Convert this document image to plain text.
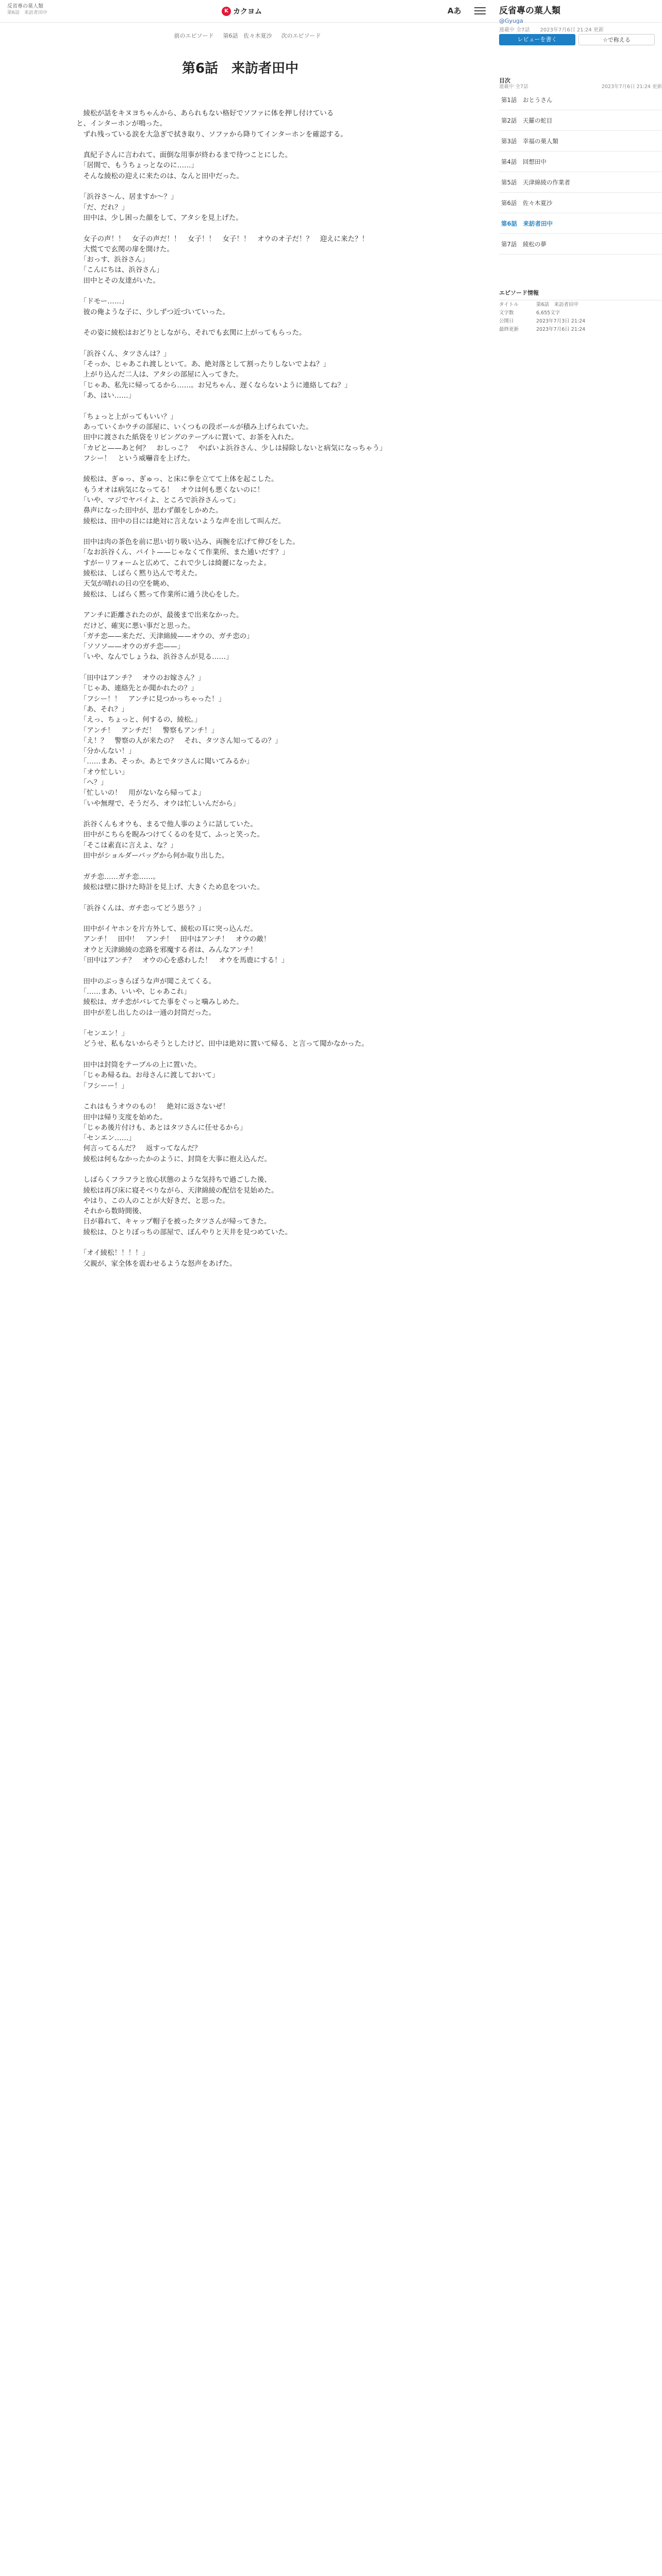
反省專の菓人類
第6話　来訪者田中	K カクヨム	Aあ
前のエピソード 第6話　佐々木夏沙 次のエピソード
第6話　来訪者田中

　綾松が話をキヌヨちゃんから、あられもない格好でソファに体を押し付けている

と、インターホンが鳴った。

　ずれ残っている涙を大急ぎで拭き取り、ソファから降りてインターホンを確認する。

　真紀子さんに言われて、面倒な用事が終わるまで待つことにした。

　「居間で、もうちょっとなのに……」

　そんな綾松の迎えに来たのは、なんと田中だった。

　「浜谷さ〜ん、居ますか〜？」

　「だ、だれ？」

　田中は、少し困った顔をして、アタシを見上げた。

　女子の声！！　女子の声だ！！　女子！！　女子！！　オウのオ子だ！？　迎えに来た？！

　大慌てで玄関の扉を開けた。

　「おっす、浜谷さん」

　「こんにちは、浜谷さん」

　田中とその友達がいた。

　「ドモー……」

　彼の俺ような子に、少しずつ近づいていった。

　その姿に綾松はおどりとしながら、それでも玄関に上がってもらった。

　「浜谷くん、タツさんは？」

　「そっか、じゃあこれ渡しといて。あ、絶対落として割ったりしないでよね？」

　上がり込んだ二人は、アタシの部屋に入ってきた。

　「じゃあ、私先に帰ってるから……。お兄ちゃん、遅くならないように連絡してね？」

　「あ、はい……」

　「ちょっと上がってもいい？」

　あっていくかウチの部屋に、いくつもの段ボールが積み上げられていた。

　田中に渡された紙袋をリビングのテーブルに置いて、お茶を入れた。

　「カビと——あと何？　おしっこ？　やばいよ浜谷さん、少しは掃除しないと病気になっちゃう」

　フシー！　という威嚇音を上げた。

　綾松は、ぎゅっ、ぎゅっ、と床に拳を立てて上体を起こした。

　もうオオは病気になってる！　オウは何も悪くないのに！

　「いや、マジでヤバイよ、ところで浜谷さんって」

　鼻声になった田中が、思わず顔をしかめた。

　綾松は、田中の目には絶対に言えないような声を出して叫んだ。

　田中は肉の茶色を前に思い切り吸い込み、両腕を広げて伸びをした。

　「なお浜谷くん、バイト——じゃなくて作業所、また通いだす？」

　すがーリフォームと広めて、これで少しは綺麗になったよ。

　綾松は、しばらく黙り込んで考えた。

　天気が晴れの日の空を眺め、

　綾松は、しばらく黙って作業所に通う決心をした。

　アンチに距離されたのが、最後まで出来なかった。

　だけど、確実に悪い事だと思った。

　「ガチ恋——来ただ、天津綿綾——オウの、ガチ恋の」

　「ソソソ——オウのガチ恋——」

　「いや、なんでしょうね、浜谷さんが見る……」

　「田中はアンチ？　オウのお嫁さん？」

　「じゃあ、連絡先とか聞かれたの？」

　「フシー！！　アンチに見つかっちゃった！」

　「あ、それ？」

　「えっ、ちょっと、何するの、綾松。」

　「アンチ！　アンチだ！　警察もアンチ！」

　「え！？　警察の人が来たの？　それ、タツさん知ってるの？」

　「分かんない！」

　「……まあ、そっか。あとでタツさんに聞いてみるか」

　「オウ忙しい」

　「へ？」

　「忙しいの！　用がないなら帰ってよ」

　「いや無理で、そうだろ、オウは忙しいんだから」

　浜谷くんもオウも、まるで他人事のように話していた。

　田中がこちらを睨みつけてくるのを見て、ふっと笑った。

　「そこは素直に言えよ、な？」

　田中がショルダーバッグから何か取り出した。

　ガチ恋……ガチ恋……。

　綾松は壁に掛けた時計を見上げ、大きくため息をついた。

　「浜谷くんは、ガチ恋ってどう思う？」

　田中がイヤホンを片方外して、綾松の耳に突っ込んだ。

　アンチ！　田中！　アンチ！　田中はアンチ！　オウの敵！

　オウと天津綿綾の恋路を邪魔する者は、みんなアンチ！

　「田中はアンチ？　オウの心を惑わした！　オウを馬鹿にする！」

　田中のぶっきらぼうな声が聞こえてくる。

　「……まあ、いいや、じゃあこれ」

　綾松は、ガチ恋がバレてた事をぐっと噛みしめた。

　田中が差し出したのは一通の封筒だった。

　「センエン！」

　どうせ、私もないからそうとしたけど、田中は絶対に置いて帰る、と言って聞かなかった。

　田中は封筒をテーブルの上に置いた。

　「じゃあ帰るね。お母さんに渡しておいて」

　「フシーー！」

　これはもうオウのもの！　絶対に返さないぜ！

　田中は帰り支度を始めた。

　「じゃあ後片付けも、あとはタツさんに任せるから」

　「センエン……」

　何言ってるんだ？　返すってなんだ？

　綾松は何もなかったかのように、封筒を大事に抱え込んだ。

　しばらくフラフラと放心状態のような気持ちで過ごした後、

　綾松は再び床に寝そべりながら、天津綿綾の配信を見始めた。

　やはり、この人のことが大好きだ、と思った。

　それから数時間後、

　日が暮れて、キャップ帽子を被ったタツさんが帰ってきた。

　綾松は、ひとりぼっちの部屋で、ぼんやりと天井を見つめていた。

　「オイ綾松！！！！」

　父親が、家全体を震わせるような怒声をあげた。

反省專の菓人類
@Gyuga
連載中 全7話　　2023年7月6日 21:24 更新
レビューを書く	☆で称える
目次
連載中 全7話	2023年7月6日 21:24 更新
第1話　おとうさん
第2話　天羅の蛇目
第3話　幸福の菓人類
第4話　回想田中
第5話　天津綿綾の作業者
第6話　佐々木夏沙
第6話　来訪者田中
第7話　綾松の夢
エピソード情報
タイトル	第6話　来訪者田中
文字数	6,655文字
公開日	2023年7月3日 21:24
最終更新	2023年7月6日 21:24
